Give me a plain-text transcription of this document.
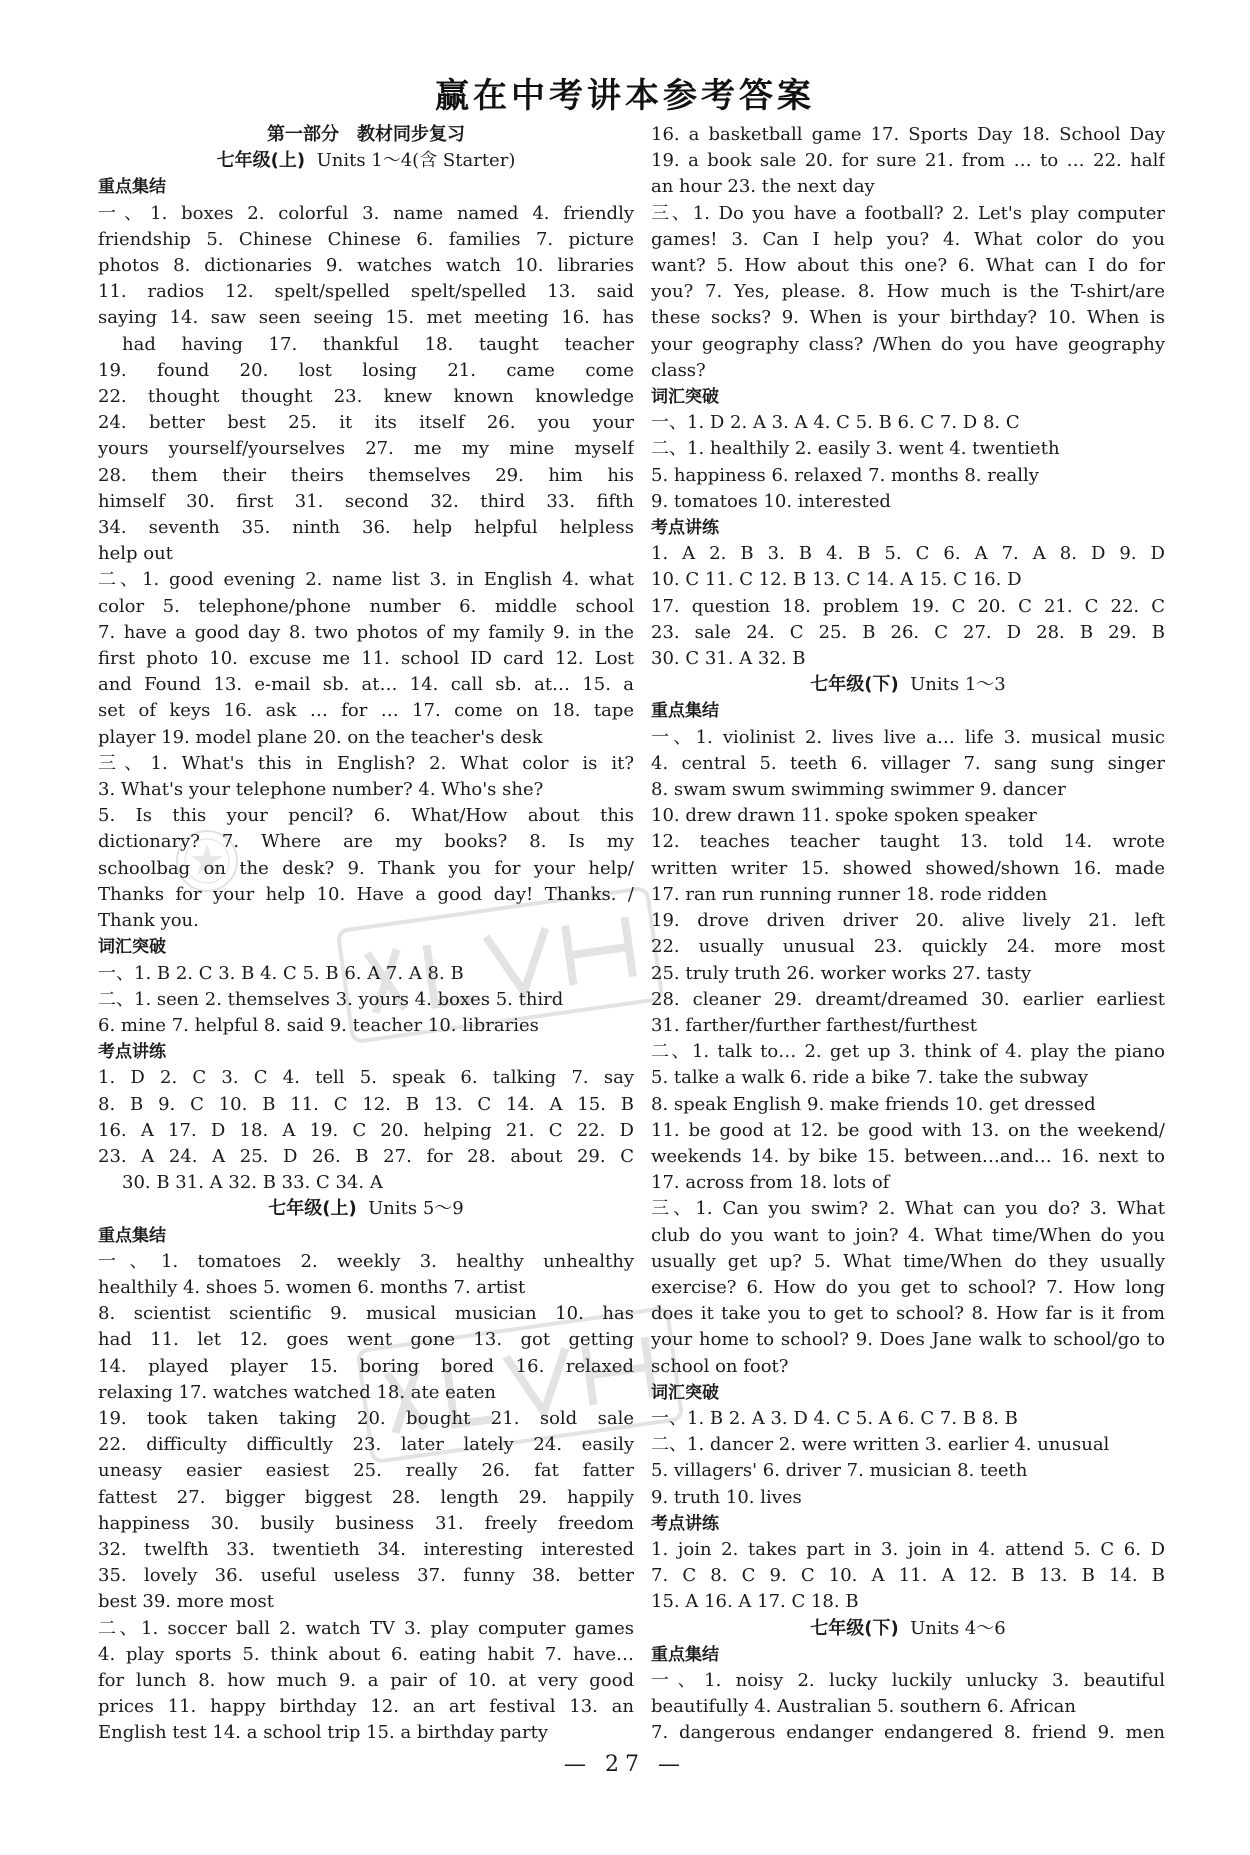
赢在中考讲本参考答案
第一部分　教材同步复习
七年级(上) Units 1～4(含 Starter)
重点集结
一、1. boxes 2. colorful 3. name named 4. friendly
friendship 5. Chinese Chinese 6. families 7. picture
photos 8. dictionaries 9. watches watch 10. libraries
11. radios 12. spelt/spelled spelt/spelled 13. said
saying 14. saw seen seeing 15. met meeting 16. has
had having 17. thankful 18. taught teacher
19. found 20. lost losing 21. came come
22. thought thought 23. knew known knowledge
24. better best 25. it its itself 26. you your
yours yourself/yourselves 27. me my mine myself
28. them their theirs themselves 29. him his
himself 30. first 31. second 32. third 33. fifth
34. seventh 35. ninth 36. help helpful helpless
help out
二、1. good evening 2. name list 3. in English 4. what
color 5. telephone/phone number 6. middle school
7. have a good day 8. two photos of my family 9. in the
first photo 10. excuse me 11. school ID card 12. Lost
and Found 13. e-mail sb. at… 14. call sb. at… 15. a
set of keys 16. ask … for … 17. come on 18. tape
player 19. model plane 20. on the teacher's desk
三、1. What's this in English? 2. What color is it?
3. What's your telephone number? 4. Who's she?
5. Is this your pencil? 6. What/How about this
dictionary? 7. Where are my books? 8. Is my
schoolbag on the desk? 9. Thank you for your help/
Thanks for your help 10. Have a good day! Thanks. /
Thank you.
词汇突破
一、1. B 2. C 3. B 4. C 5. B 6. A 7. A 8. B
二、1. seen 2. themselves 3. yours 4. boxes 5. third
6. mine 7. helpful 8. said 9. teacher 10. libraries
考点讲练
1. D 2. C 3. C 4. tell 5. speak 6. talking 7. say
8. B 9. C 10. B 11. C 12. B 13. C 14. A 15. B
16. A 17. D 18. A 19. C 20. helping 21. C 22. D
23. A 24. A 25. D 26. B 27. for 28. about 29. C
30. B 31. A 32. B 33. C 34. A
七年级(上) Units 5～9
重点集结
一、1. tomatoes 2. weekly 3. healthy unhealthy
healthily 4. shoes 5. women 6. months 7. artist
8. scientist scientific 9. musical musician 10. has
had 11. let 12. goes went gone 13. got getting
14. played player 15. boring bored 16. relaxed
relaxing 17. watches watched 18. ate eaten
19. took taken taking 20. bought 21. sold sale
22. difficulty difficultly 23. later lately 24. easily
uneasy easier easiest 25. really 26. fat fatter
fattest 27. bigger biggest 28. length 29. happily
happiness 30. busily business 31. freely freedom
32. twelfth 33. twentieth 34. interesting interested
35. lovely 36. useful useless 37. funny 38. better
best 39. more most
二、1. soccer ball 2. watch TV 3. play computer games
4. play sports 5. think about 6. eating habit 7. have…
for lunch 8. how much 9. a pair of 10. at very good
prices 11. happy birthday 12. an art festival 13. an
English test 14. a school trip 15. a birthday party
16. a basketball game 17. Sports Day 18. School Day
19. a book sale 20. for sure 21. from … to … 22. half
an hour 23. the next day
三、1. Do you have a football? 2. Let's play computer
games! 3. Can I help you? 4. What color do you
want? 5. How about this one? 6. What can I do for
you? 7. Yes, please. 8. How much is the T-shirt/are
these socks? 9. When is your birthday? 10. When is
your geography class? /When do you have geography
class?
词汇突破
一、1. D 2. A 3. A 4. C 5. B 6. C 7. D 8. C
二、1. healthily 2. easily 3. went 4. twentieth
5. happiness 6. relaxed 7. months 8. really
9. tomatoes 10. interested
考点讲练
1. A 2. B 3. B 4. B 5. C 6. A 7. A 8. D 9. D
10. C 11. C 12. B 13. C 14. A 15. C 16. D
17. question 18. problem 19. C 20. C 21. C 22. C
23. sale 24. C 25. B 26. C 27. D 28. B 29. B
30. C 31. A 32. B
七年级(下) Units 1～3
重点集结
一、1. violinist 2. lives live a… life 3. musical music
4. central 5. teeth 6. villager 7. sang sung singer
8. swam swum swimming swimmer 9. dancer
10. drew drawn 11. spoke spoken speaker
12. teaches teacher taught 13. told 14. wrote
written writer 15. showed showed/shown 16. made
17. ran run running runner 18. rode ridden
19. drove driven driver 20. alive lively 21. left
22. usually unusual 23. quickly 24. more most
25. truly truth 26. worker works 27. tasty
28. cleaner 29. dreamt/dreamed 30. earlier earliest
31. farther/further farthest/furthest
二、1. talk to… 2. get up 3. think of 4. play the piano
5. talke a walk 6. ride a bike 7. take the subway
8. speak English 9. make friends 10. get dressed
11. be good at 12. be good with 13. on the weekend/
weekends 14. by bike 15. between…and… 16. next to
17. across from 18. lots of
三、1. Can you swim? 2. What can you do? 3. What
club do you want to join? 4. What time/When do you
usually get up? 5. What time/When do they usually
exercise? 6. How do you get to school? 7. How long
does it take you to get to school? 8. How far is it from
your home to school? 9. Does Jane walk to school/go to
school on foot?
词汇突破
一、1. B 2. A 3. D 4. C 5. A 6. C 7. B 8. B
二、1. dancer 2. were written 3. earlier 4. unusual
5. villagers' 6. driver 7. musician 8. teeth
9. truth 10. lives
考点讲练
1. join 2. takes part in 3. join in 4. attend 5. C 6. D
7. C 8. C 9. C 10. A 11. A 12. B 13. B 14. B
15. A 16. A 17. C 18. B
七年级(下) Units 4～6
重点集结
一、1. noisy 2. lucky luckily unlucky 3. beautiful
beautifully 4. Australian 5. southern 6. African
7. dangerous endanger endangered 8. friend 9. men
— 27 —
